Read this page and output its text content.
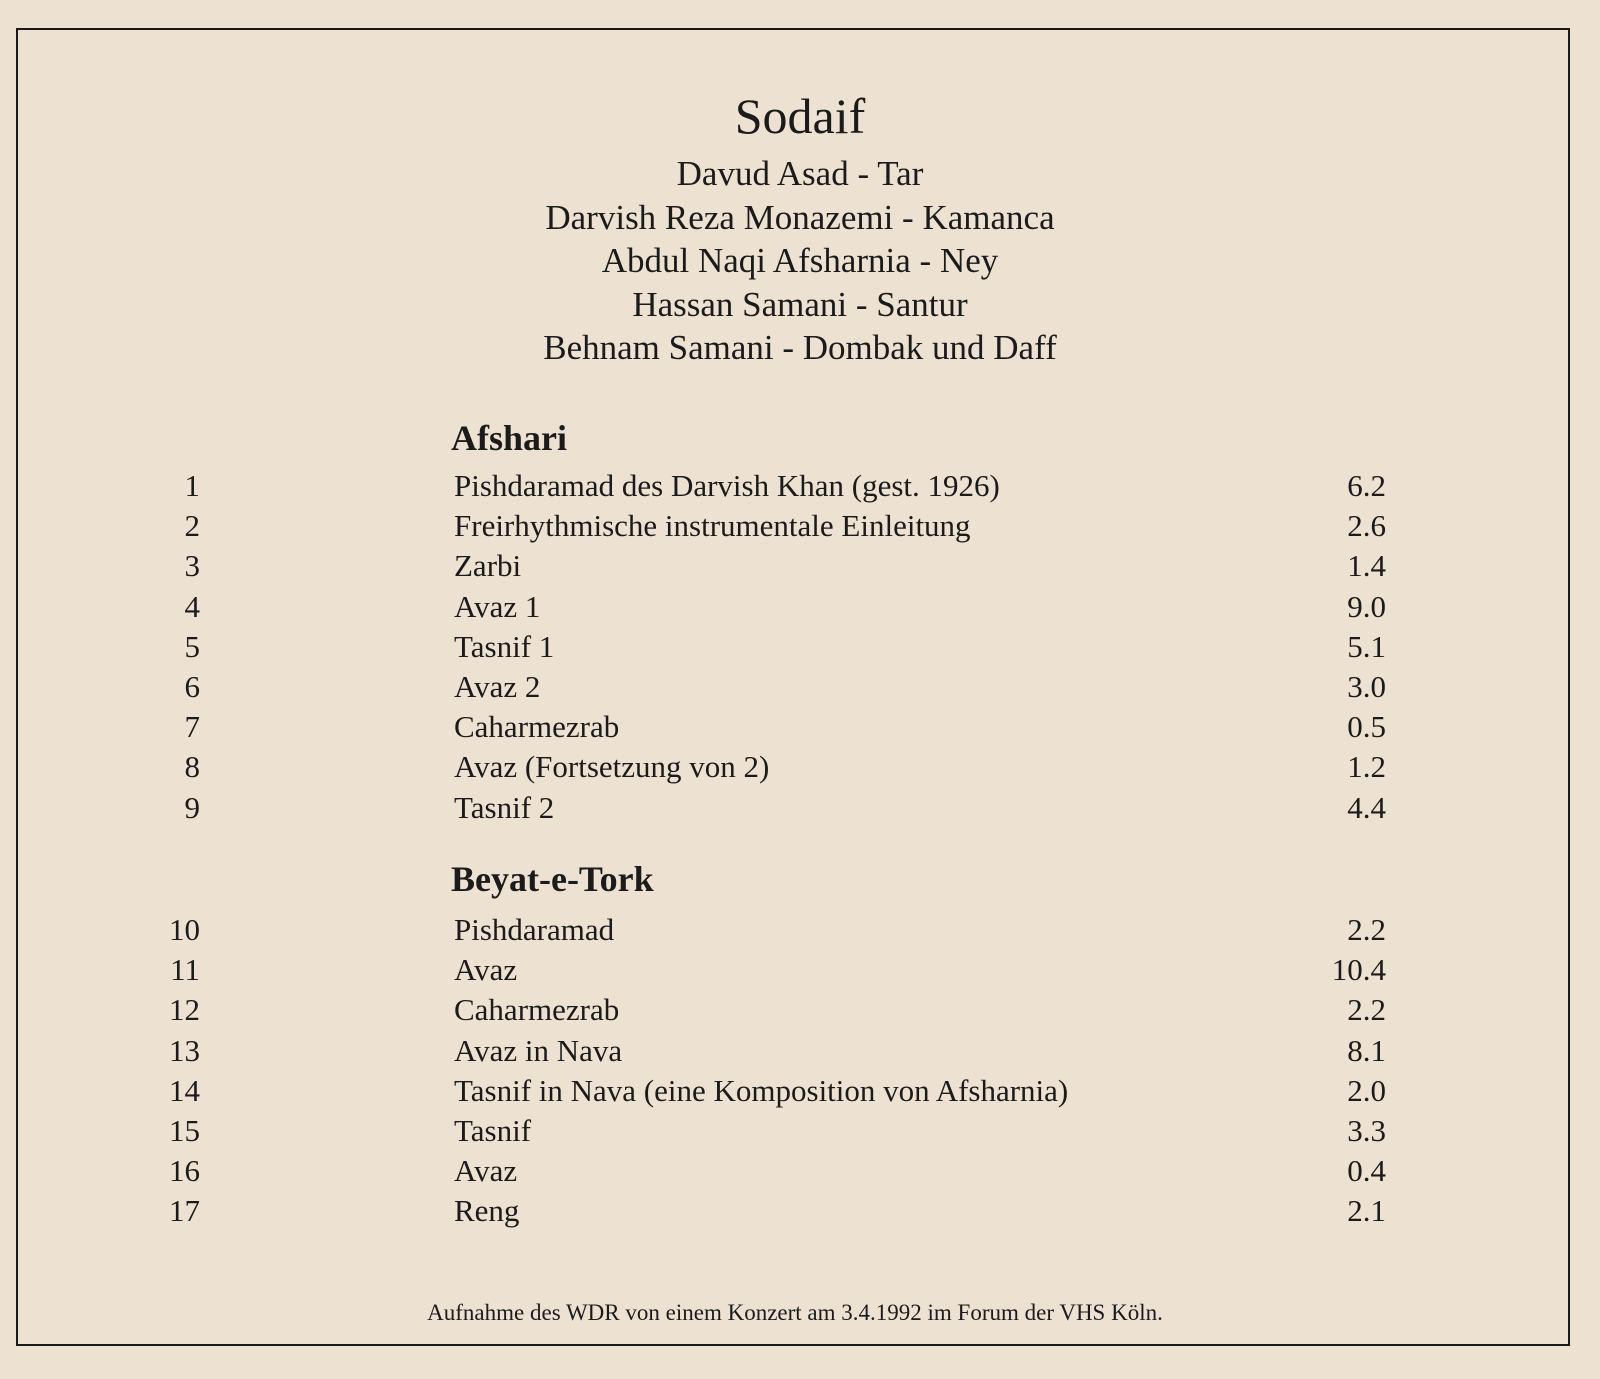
Sodaif
Davud Asad - Tar
Darvish Reza Monazemi - Kamanca
Abdul Naqi Afsharnia - Ney
Hassan Samani - Santur
Behnam Samani - Dombak und Daff
Afshari
1	Pishdaramad des Darvish Khan (gest. 1926)	6.2
2	Freirhythmische instrumentale Einleitung	2.6
3	Zarbi	1.4
4	Avaz 1	9.0
5	Tasnif 1	5.1
6	Avaz 2	3.0
7	Caharmezrab	0.5
8	Avaz (Fortsetzung von 2)	1.2
9	Tasnif 2	4.4
Beyat-e-Tork
10	Pishdaramad	2.2
11	Avaz	10.4
12	Caharmezrab	2.2
13	Avaz in Nava	8.1
14	Tasnif in Nava (eine Komposition von Afsharnia)	2.0
15	Tasnif	3.3
16	Avaz	0.4
17	Reng	2.1
Aufnahme des WDR von einem Konzert am 3.4.1992 im Forum der VHS Köln.
